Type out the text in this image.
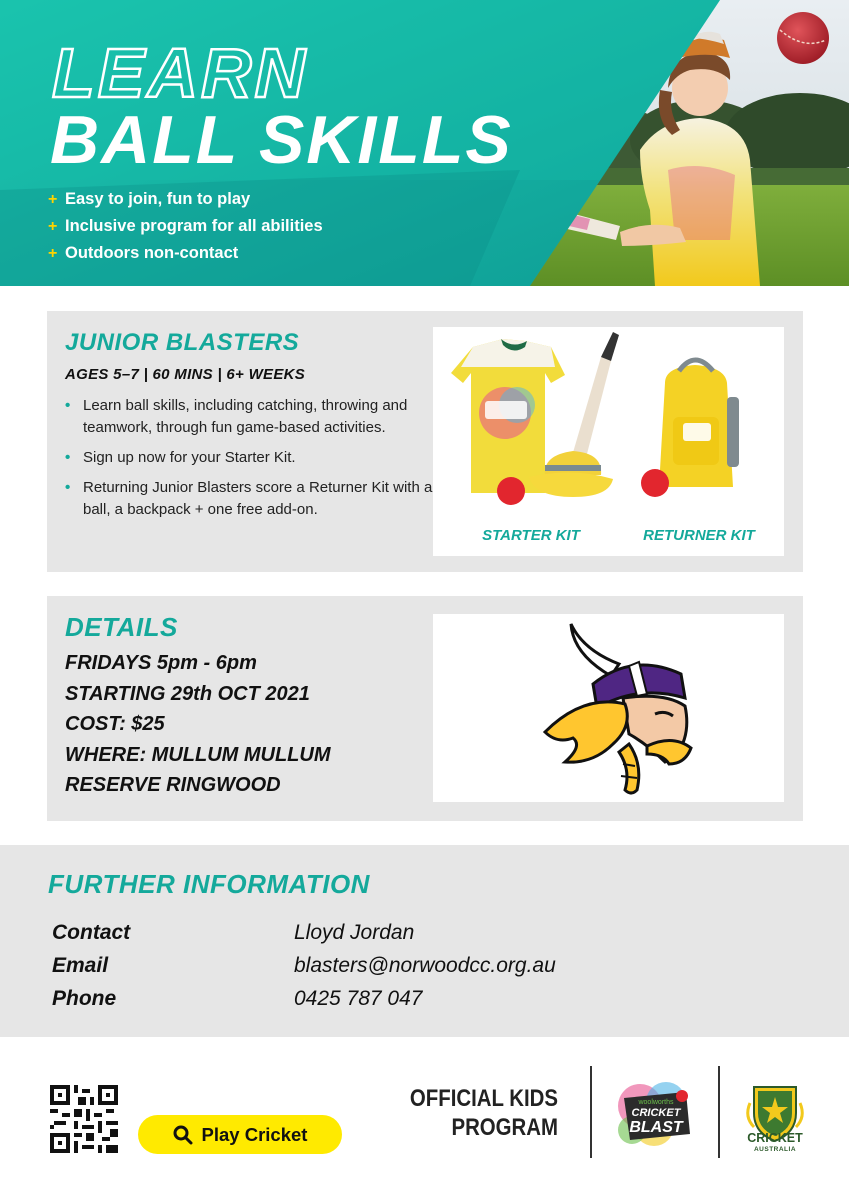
LEARN
BALL SKILLS
+ Easy to join, fun to play
+ Inclusive program for all abilities
+ Outdoors non-contact
JUNIOR BLASTERS
AGES 5–7 | 60 MINS | 6+ WEEKS
• Learn ball skills, including catching, throwing and teamwork, through fun game-based activities.
• Sign up now for your Starter Kit.
• Returning Junior Blasters score a Returner Kit with a ball, a backpack + one free add-on.
STARTER KIT	RETURNER KIT
DETAILS
FRIDAYS 5pm - 6pm
STARTING 29th OCT 2021
COST: $25
WHERE: MULLUM MULLUM
RESERVE RINGWOOD
FURTHER INFORMATION
Contact	Lloyd Jordan
Email	blasters@norwoodcc.org.au
Phone	0425 787 047
Play Cricket
OFFICIAL KIDS
PROGRAM
woolworths
CRICKET
BLAST
CRICKET
AUSTRALIA
